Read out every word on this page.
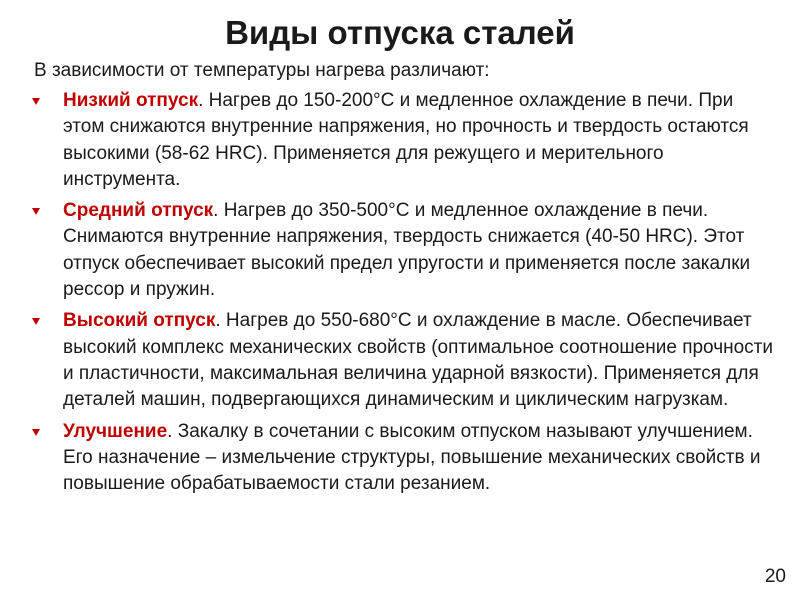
Виды отпуска сталей

В зависимости от температуры нагрева различают:

Низкий отпуск. Нагрев до 150-200°С и медленное охлаждение в печи. При этом снижаются внутренние напряжения, но прочность и твердость остаются высокими (58-62 HRC). Применяется для режущего и мерительного инструмента.
Средний отпуск. Нагрев до 350-500°С и медленное охлаждение в печи. Снимаются внутренние напряжения, твердость снижается (40-50 HRC). Этот отпуск обеспечивает высокий предел упругости и применяется после закалки рессор и пружин.
Высокий отпуск. Нагрев до 550-680°С и охлаждение в масле. Обеспечивает высокий комплекс механических свойств (оптимальное соотношение прочности и пластичности, максимальная величина ударной вязкости). Применяется для деталей машин, подвергающихся динамическим и циклическим нагрузкам.
Улучшение. Закалку в сочетании с высоким отпуском называют улучшением. Его назначение – измельчение структуры, повышение механических свойств и повышение обрабатываемости стали резанием.
20
